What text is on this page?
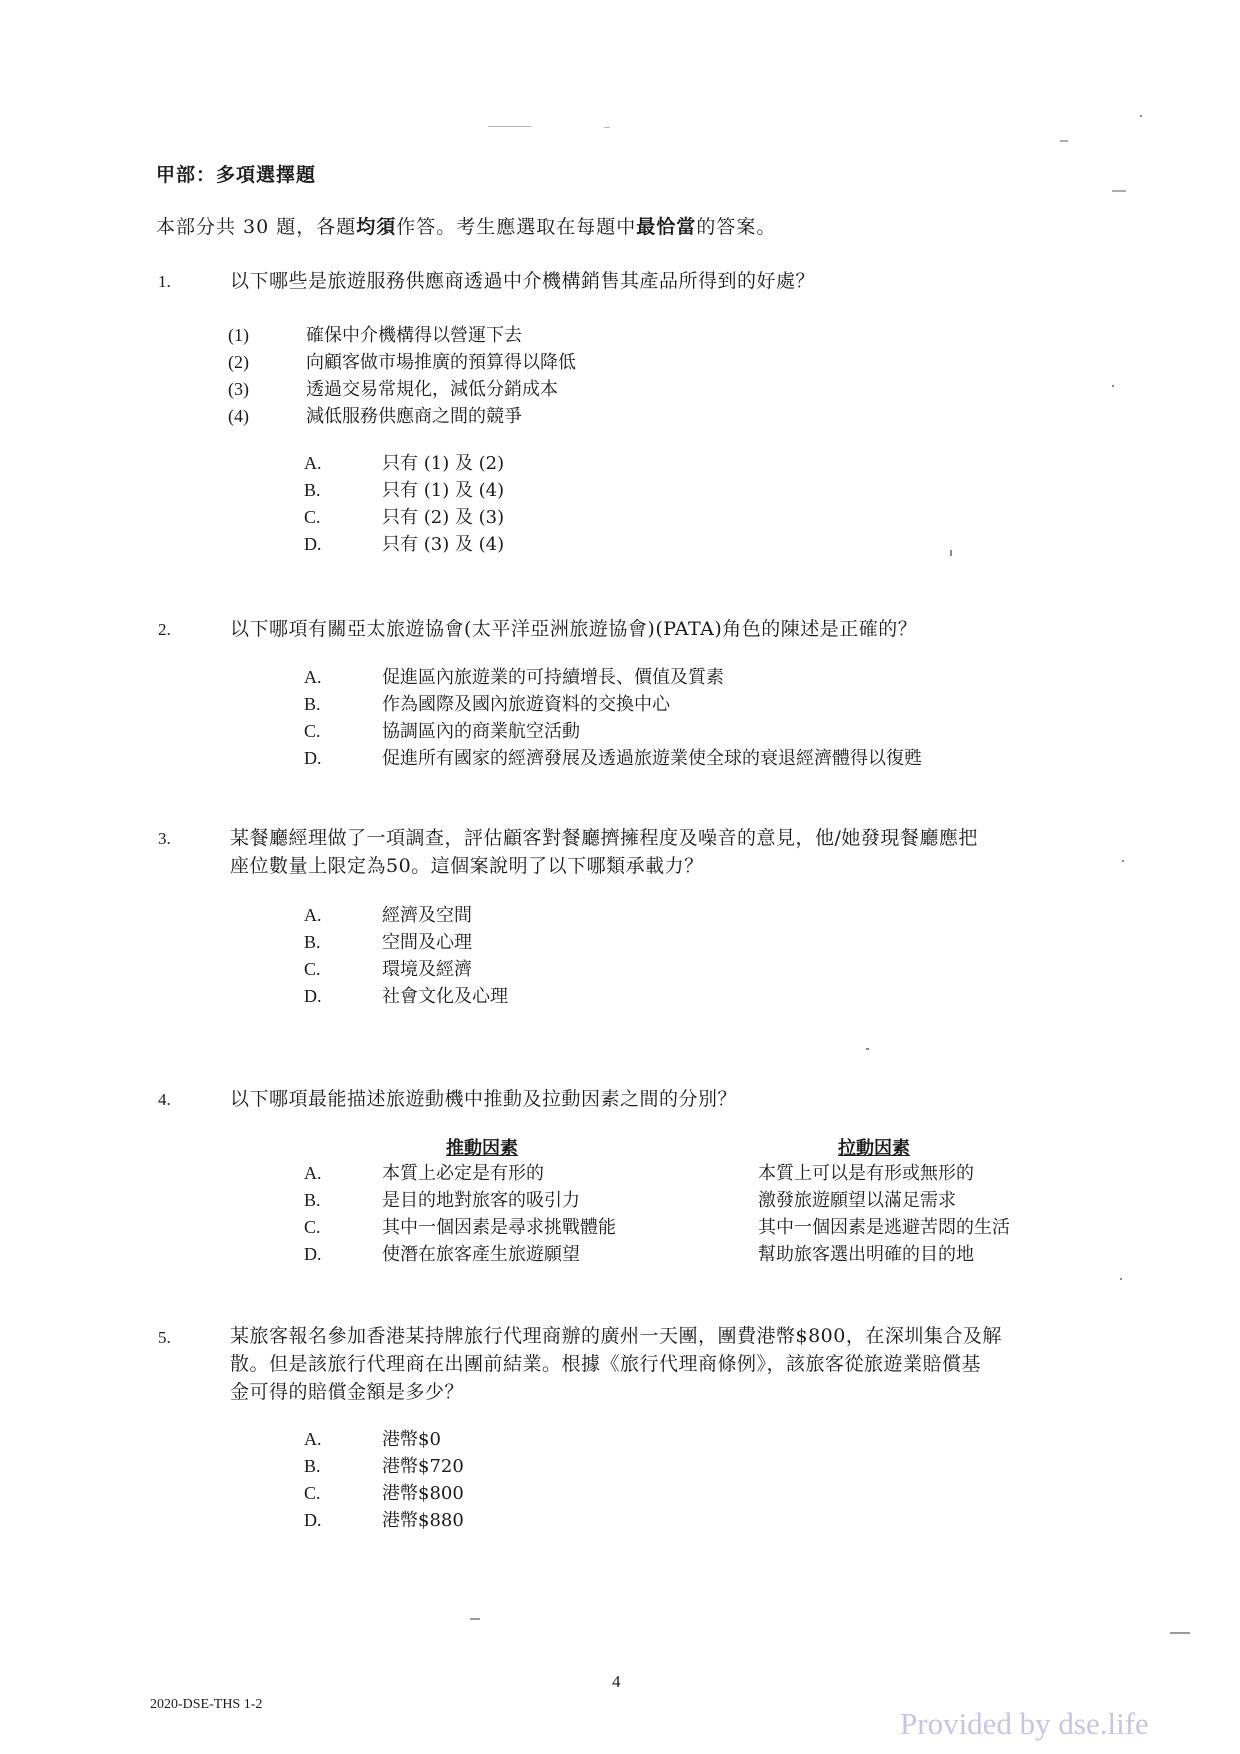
甲部：多項選擇題
本部分共 30 題，各題均須作答。考生應選取在每題中最恰當的答案。
1.	以下哪些是旅遊服務供應商透過中介機構銷售其產品所得到的好處？
(1)	確保中介機構得以營運下去
(2)	向顧客做市場推廣的預算得以降低
(3)	透過交易常規化，減低分銷成本
(4)	減低服務供應商之間的競爭
A.	只有 (1) 及 (2)
B.	只有 (1) 及 (4)
C.	只有 (2) 及 (3)
D.	只有 (3) 及 (4)
2.	以下哪項有關亞太旅遊協會(太平洋亞洲旅遊協會)(PATA)角色的陳述是正確的？
A.	促進區內旅遊業的可持續增長、價值及質素
B.	作為國際及國內旅遊資料的交換中心
C.	協調區內的商業航空活動
D.	促進所有國家的經濟發展及透過旅遊業使全球的衰退經濟體得以復甦
3.	某餐廳經理做了一項調查，評估顧客對餐廳擠擁程度及噪音的意見，他/她發現餐廳應把
座位數量上限定為50。這個案說明了以下哪類承載力？
A.	經濟及空間
B.	空間及心理
C.	環境及經濟
D.	社會文化及心理
4.	以下哪項最能描述旅遊動機中推動及拉動因素之間的分別？
推動因素	拉動因素
A.	本質上必定是有形的	本質上可以是有形或無形的
B.	是目的地對旅客的吸引力	激發旅遊願望以滿足需求
C.	其中一個因素是尋求挑戰體能	其中一個因素是逃避苦悶的生活
D.	使潛在旅客產生旅遊願望	幫助旅客選出明確的目的地
5.	某旅客報名參加香港某持牌旅行代理商辦的廣州一天團，團費港幣$800，在深圳集合及解
散。但是該旅行代理商在出團前結業。根據《旅行代理商條例》，該旅客從旅遊業賠償基
金可得的賠償金額是多少？
A.	港幣$0
B.	港幣$720
C.	港幣$800
D.	港幣$880
4
2020-DSE-THS 1-2
Provided by dse.life
